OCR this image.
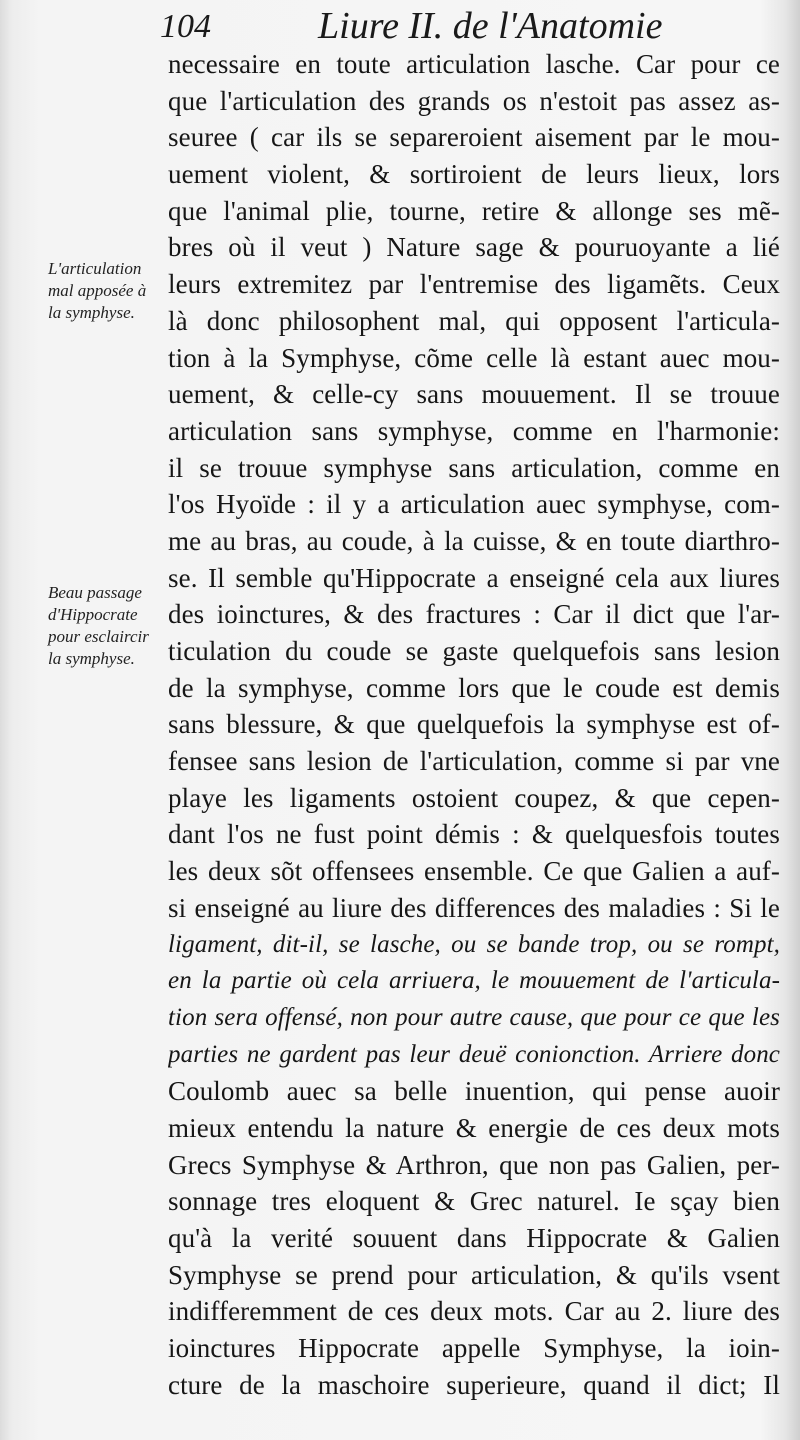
104	Liure II. de l'Anatomie
L'articulation
mal apposée à
la symphyse.
Beau passage
d'Hippocrate
pour esclaircir
la symphyse.
necessaire en toute articulation lasche. Car pour ce
que l'articulation des grands os n'estoit pas assez as-
seuree ( car ils se separeroient aisement par le mou-
uement violent, & sortiroient de leurs lieux, lors
que l'animal plie, tourne, retire & allonge ses mẽ-
bres où il veut ) Nature sage & pouruoyante a lié
leurs extremitez par l'entremise des ligamẽts. Ceux
là donc philosophent mal, qui opposent l'articula-
tion à la Symphyse, cõme celle là estant auec mou-
uement, & celle-cy sans mouuement. Il se trouue
articulation sans symphyse, comme en l'harmonie:
il se trouue symphyse sans articulation, comme en
l'os Hyoïde : il y a articulation auec symphyse, com-
me au bras, au coude, à la cuisse, & en toute diarthro-
se. Il semble qu'Hippocrate a enseigné cela aux liures
des ioinctures, & des fractures : Car il dict que l'ar-
ticulation du coude se gaste quelquefois sans lesion
de la symphyse, comme lors que le coude est demis
sans blessure, & que quelquefois la symphyse est of-
fensee sans lesion de l'articulation, comme si par vne
playe les ligaments ostoient coupez, & que cepen-
dant l'os ne fust point démis : & quelquesfois toutes
les deux sõt offensees ensemble. Ce que Galien a auf-
si enseigné au liure des differences des maladies : Si le
ligament, dit-il, se lasche, ou se bande trop, ou se rompt,
en la partie où cela arriuera, le mouuement de l'articula-
tion sera offensé, non pour autre cause, que pour ce que les
parties ne gardent pas leur deuë conionction. Arriere donc
Coulomb auec sa belle inuention, qui pense auoir
mieux entendu la nature & energie de ces deux mots
Grecs Symphyse & Arthron, que non pas Galien, per-
sonnage tres eloquent & Grec naturel. Ie sçay bien
qu'à la verité souuent dans Hippocrate & Galien
Symphyse se prend pour articulation, & qu'ils vsent
indifferemment de ces deux mots. Car au 2. liure des
ioinctures Hippocrate appelle Symphyse, la ioin-
cture de la maschoire superieure, quand il dict; Il
